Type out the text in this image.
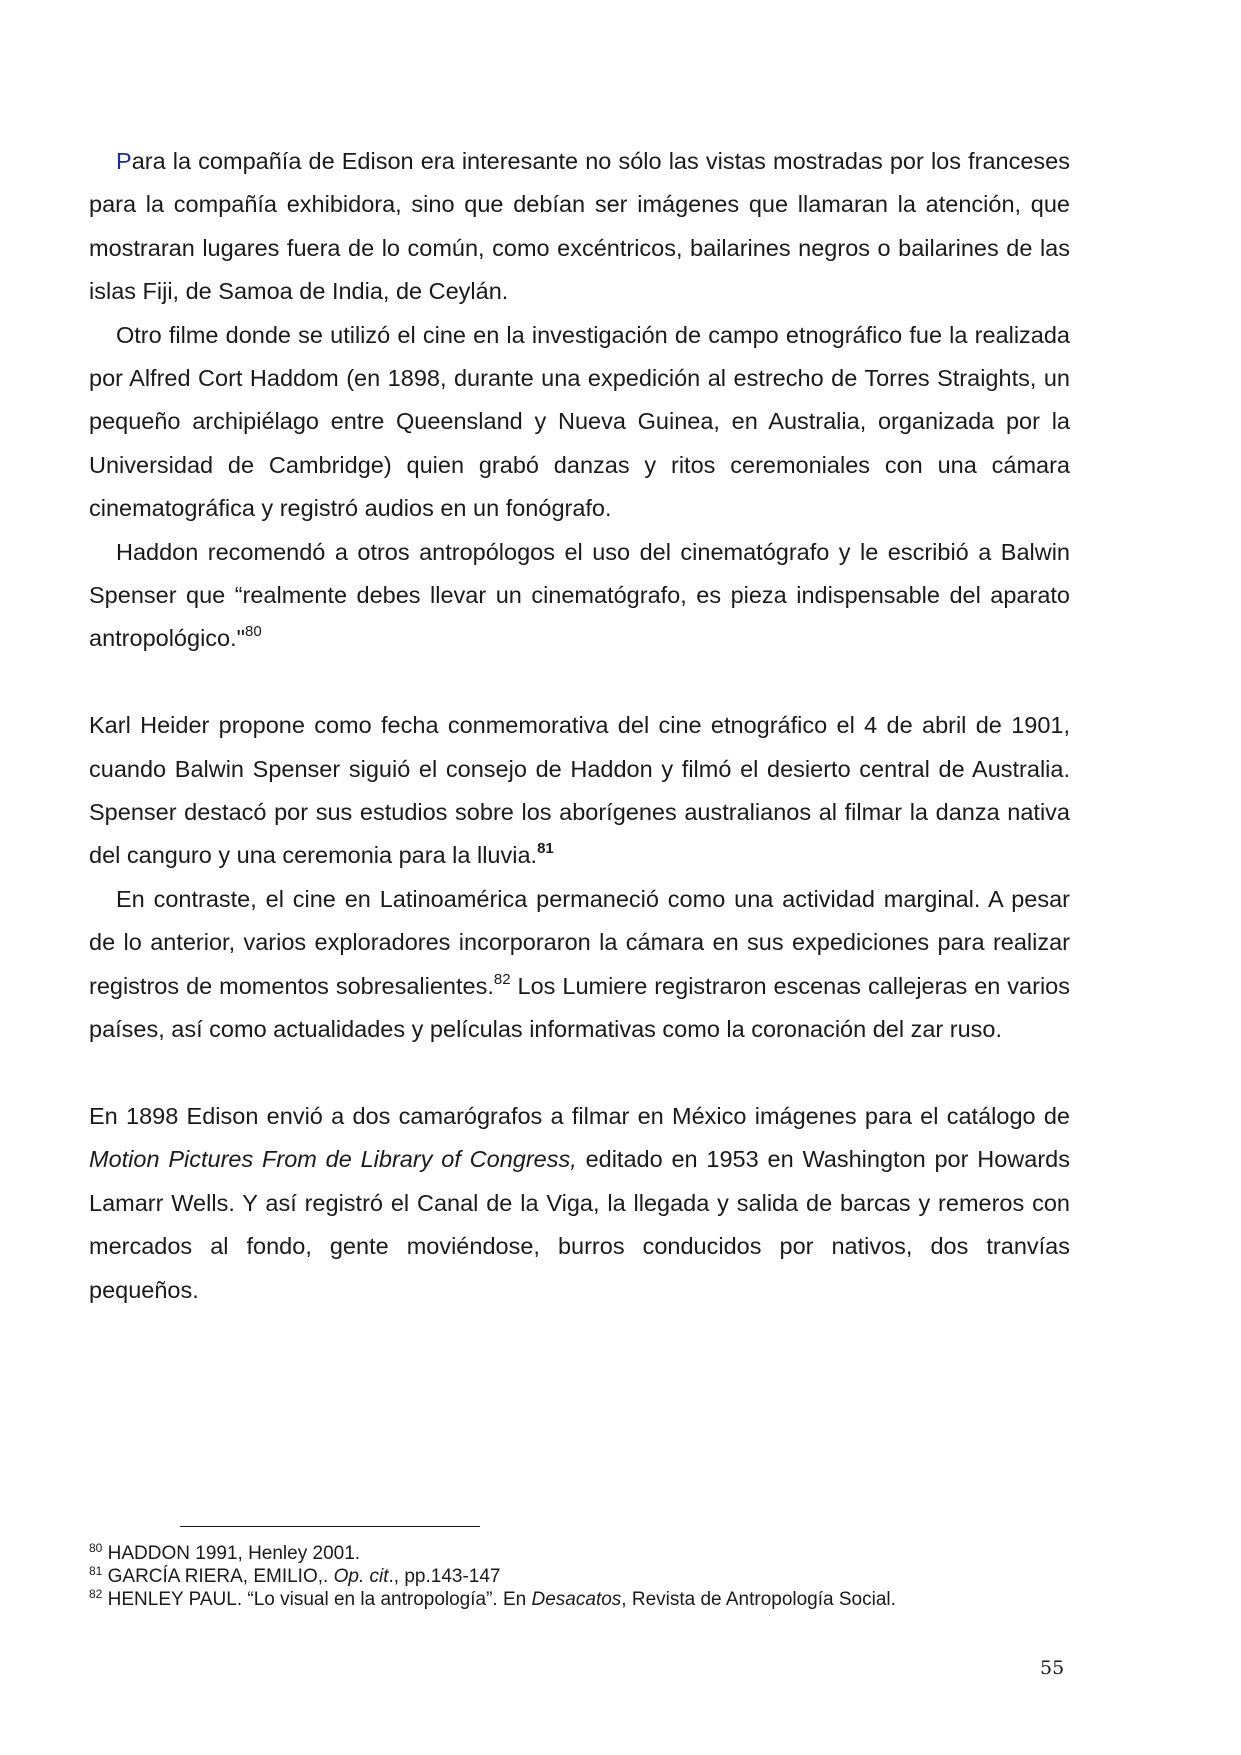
Para la compañía de Edison era interesante no sólo las vistas mostradas por los franceses para la compañía exhibidora, sino que debían ser imágenes que llamaran la atención, que mostraran lugares fuera de lo común, como excéntricos, bailarines negros o bailarines de las islas Fiji, de Samoa de India, de Ceylán.

Otro filme donde se utilizó el cine en la investigación de campo etnográfico fue la realizada por Alfred Cort Haddom (en 1898, durante una expedición al estrecho de Torres Straights, un pequeño archipiélago entre Queensland y Nueva Guinea, en Australia, organizada por la Universidad de Cambridge) quien grabó danzas y ritos ceremoniales con una cámara cinematográfica y registró audios en un fonógrafo.

Haddon recomendó a otros antropólogos el uso del cinematógrafo y le escribió a Balwin Spenser que “realmente debes llevar un cinematógrafo, es pieza indispensable del aparato antropológico."$^{80}$

Karl Heider propone como fecha conmemorativa del cine etnográfico el 4 de abril de 1901, cuando Balwin Spenser siguió el consejo de Haddon y filmó el desierto central de Australia. Spenser destacó por sus estudios sobre los aborígenes australianos al filmar la danza nativa del canguro y una ceremonia para la lluvia.$^{81}$

En contraste, el cine en Latinoamérica permaneció como una actividad marginal. A pesar de lo anterior, varios exploradores incorporaron la cámara en sus expediciones para realizar registros de momentos sobresalientes.$^{82}$ Los Lumiere registraron escenas callejeras en varios países, así como actualidades y películas informativas como la coronación del zar ruso.

En 1898 Edison envió a dos camarógrafos a filmar en México imágenes para el catálogo de Motion Pictures From de Library of Congress, editado en 1953 en Washington por Howards Lamarr Wells. Y así registró el Canal de la Viga, la llegada y salida de barcas y remeros con mercados al fondo, gente moviéndose, burros conducidos por nativos, dos tranvías pequeños.

$^{80}$ HADDON 1991, Henley 2001.

$^{81}$ GARCÍA RIERA, EMILIO,. Op. cit., pp.143-147

$^{82}$ HENLEY PAUL. “Lo visual en la antropología”. En Desacatos, Revista de Antropología Social.

55
